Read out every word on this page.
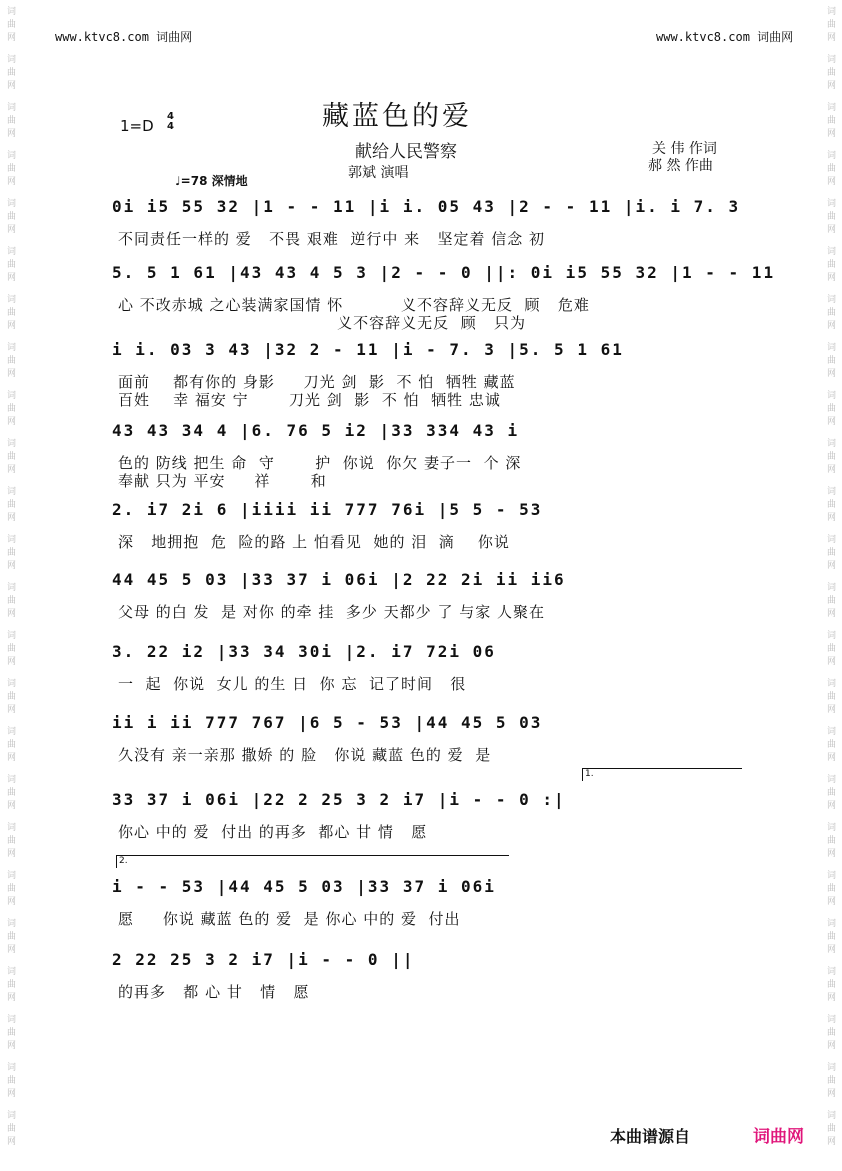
词
曲
网
词
曲
网
词
曲
网
词
曲
网
词
曲
网
词
曲
网
词
曲
网
词
曲
网
词
曲
网
词
曲
网
词
曲
网
词
曲
网
词
曲
网
词
曲
网
词
曲
网
词
曲
网
词
曲
网
词
曲
网
词
曲
网
词
曲
网
词
曲
网
词
曲
网
词
曲
网
词
曲
网
词
曲
网
词
曲
网
词
曲
网
词
曲
网
词
曲
网
词
曲
网
词
曲
网
词
曲
网
词
曲
网
词
曲
网
词
曲
网
词
曲
网
词
曲
网
词
曲
网
词
曲
网
词
曲
网
词
曲
网
词
曲
网
词
曲
网
词
曲
网
词
曲
网
词
曲
网
词
曲
网
词
曲
网
www.ktvc8.com 词曲网	www.ktvc8.com 词曲网
1=D
4
4	藏蓝色的爱
献给人民警察
郭斌 演唱
关 伟 作词
郝 然 作曲
♩=78 深情地
0i i5 55 32 |1 - - 11 |i i. 05 43 |2 - - 11 |i. i 7. 3
不同责任一样的 爱   不畏 艰难  逆行中 来   坚定着 信念 初
5. 5 1 61 |43 43 4 5 3 |2 - - 0 ||: 0i i5 55 32 |1 - - 11
心 不改赤城 之心装满家国情 怀          义不容辞义无反  顾   危难
义不容辞义无反  顾   只为
i i. 03 3 43 |32 2 - 11 |i - 7. 3 |5. 5 1 61
面前    都有你的 身影     刀光 剑  影  不 怕  牺牲 藏蓝
百姓    幸 福安 宁       刀光 剑  影  不 怕  牺牲 忠诚
43 43 34 4 |6. 76 5 i2 |33 334 43 i
色的 防线 把生 命  守       护  你说  你欠 妻子一  个 深
奉献 只为 平安     祥       和
2. i7 2i 6 |iiii ii 777 76i |5 5 - 53
深   地拥抱  危  险的路 上 怕看见  她的 泪  滴    你说
44 45 5 03 |33 37 i 06i |2 22 2i ii ii6
父母 的白 发  是 对你 的牵 挂  多少 天都少 了 与家 人聚在
3. 22 i2 |33 34 30i |2. i7 72i 06
一  起  你说  女儿 的生 日  你 忘  记了时间   很
ii i ii 777 767 |6 5 - 53 |44 45 5 03
久没有 亲一亲那 撒娇 的 脸   你说 藏蓝 色的 爱  是
33 37 i 06i |22 2 25 3 2 i7 |i - - 0 :|
你心 中的 爱  付出 的再多  都心 甘 情   愿
i - - 53 |44 45 5 03 |33 37 i 06i
愿     你说 藏蓝 色的 爱  是 你心 中的 爱  付出
2 22 25 3 2 i7 |i - - 0 ||
的再多   都 心 甘   情   愿
1.
2.
本曲谱源自	词曲网
